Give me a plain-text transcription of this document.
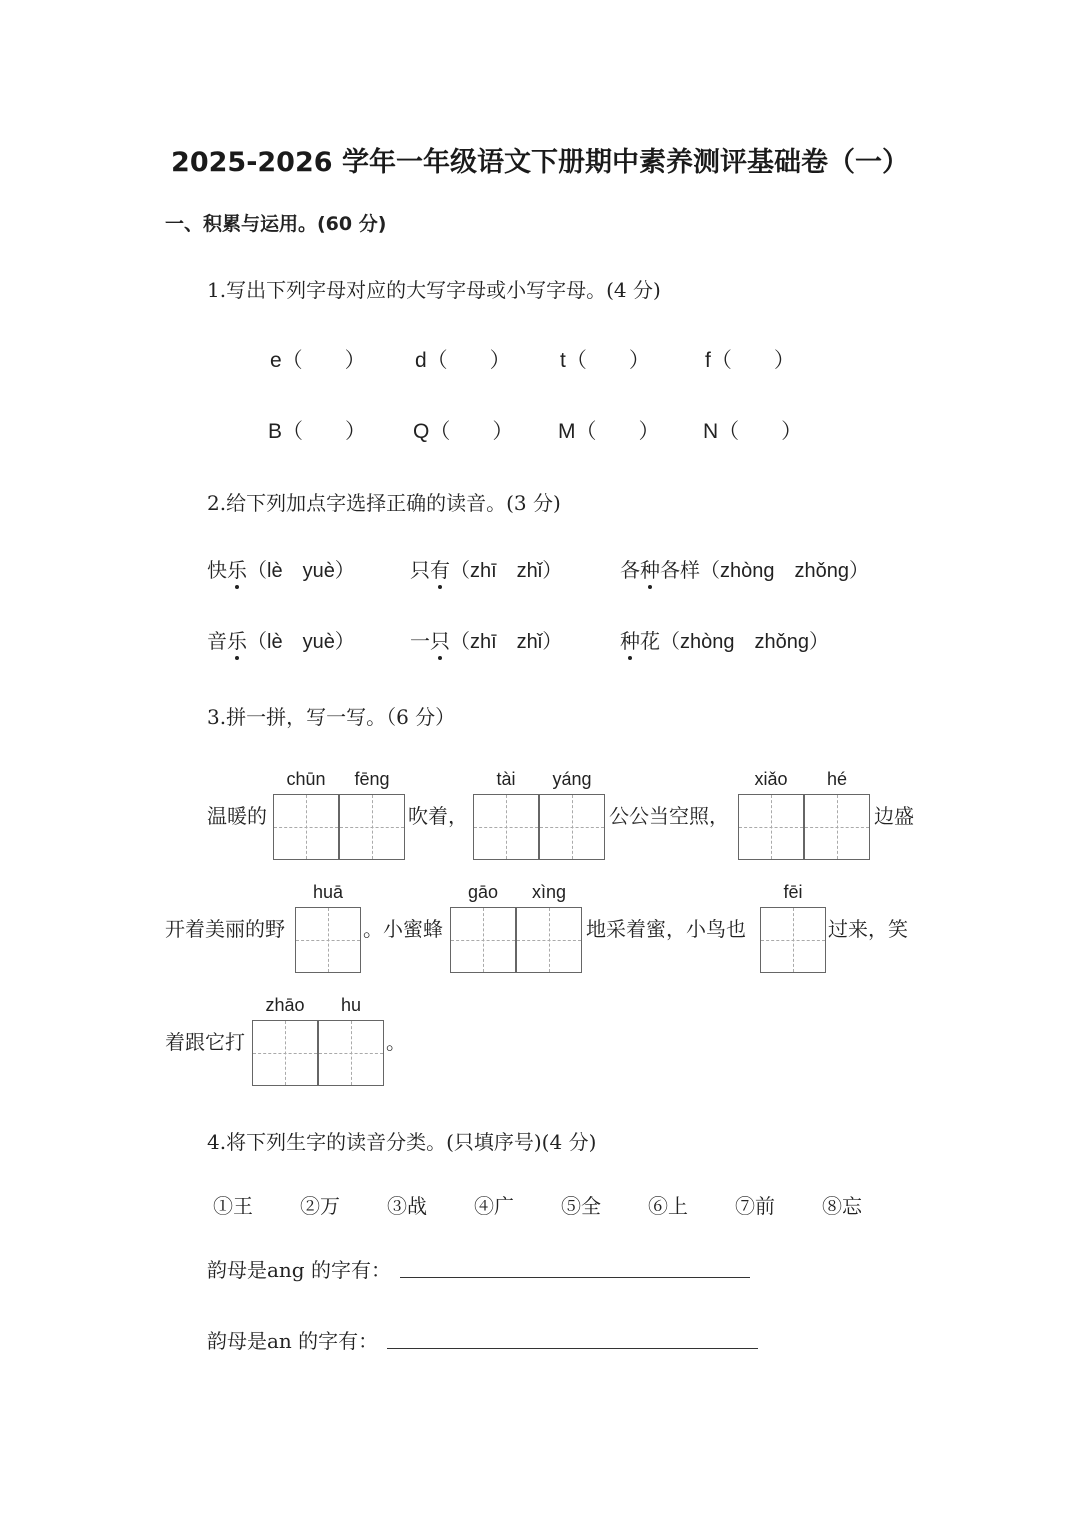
2025-2026 学年一年级语文下册期中素养测评基础卷（一）
一、积累与运用。(60 分)
1.写出下列字母对应的大写字母或小写字母。(4 分)
e（　　）	d（　　）	t（　　）	f（　　）
B（　　）	Q（　　）	M（　　）	N（　　）
2.给下列加点字选择正确的读音。(3 分)
快乐（lè　yuè）	只有（zhī　zhǐ）	各种各样（zhòng　zhǒng）
音乐（lè　yuè）	一只（zhī　zhǐ）	种花（zhòng　zhǒng）
3.拼一拼，写一写。（6 分）
温暖的
chūn	fēng
吹着，
tài	yáng
公公当空照，
xiǎo	hé
边盛
开着美丽的野
huā
。小蜜蜂
gāo	xìng
地采着蜜，小鸟也
fēi
过来，笑
着跟它打
zhāo	hu
。
4.将下列生字的读音分类。(只填序号)(4 分)
①王	②万	③战	④广	⑤全	⑥上	⑦前	⑧忘
韵母是ang 的字有：
韵母是an 的字有：
